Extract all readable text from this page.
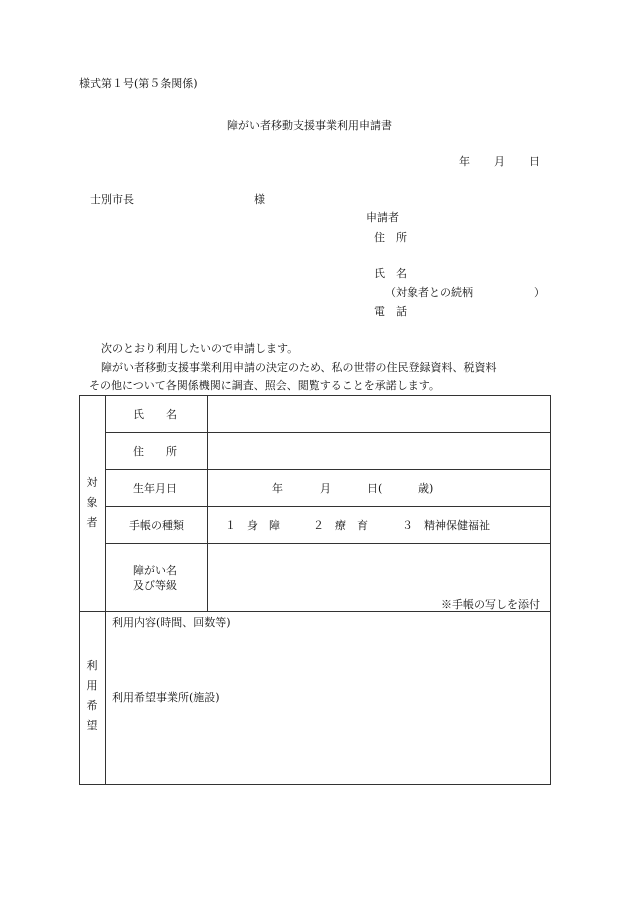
様式第１号(第５条関係)
障がい者移動支援事業利用申請書
年 月 日
士別市長	様
申請者
住　所
氏　名
（対象者との続柄	）
電　話
次のとおり利用したいので申請します。
障がい者移動支援事業利用申請の決定のため、私の世帯の住民登録資料、税資料
その他について各関係機関に調査、照会、閲覧することを承諾します。
対
象
者
氏　　名
住　　所
生年月日	年	月	日(	歳)
手帳の種類	１　身　障	２　療　育	３　精神保健福祉
障がい名
及び等級
※手帳の写しを添付
利
用
希
望
利用内容(時間、回数等)
利用希望事業所(施設)
